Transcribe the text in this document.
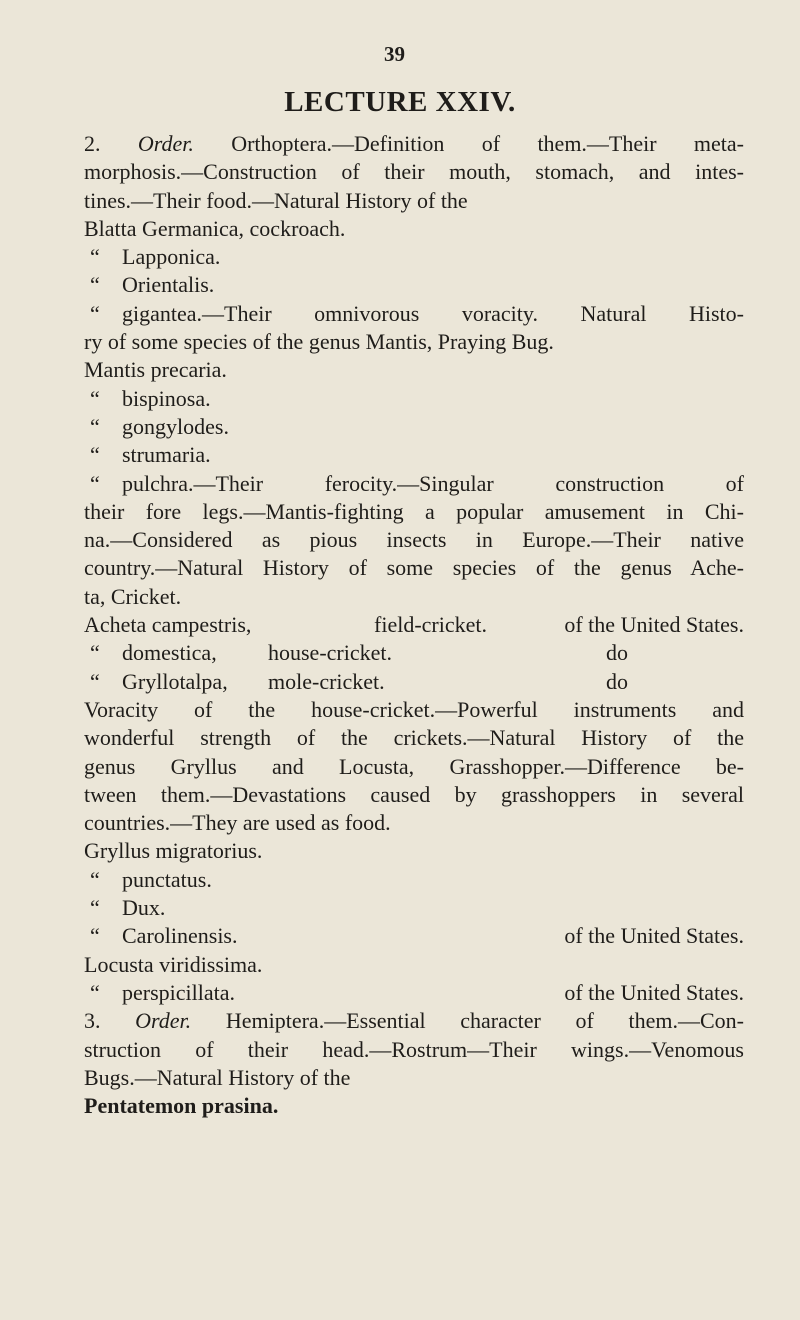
39
LECTURE XXIV.
2. Order. Orthoptera.—Definition of them.—Their meta-
morphosis.—Construction of their mouth, stomach, and intes-
tines.—Their food.—Natural History of the
Blatta Germanica, cockroach.
“ Lapponica.
“ Orientalis.
“ gigantea.—Their omnivorous voracity. Natural Histo-
ry of some species of the genus Mantis, Praying Bug.
Mantis precaria.
“ bispinosa.
“ gongylodes.
“ strumaria.
“ pulchra.—Their ferocity.—Singular construction of
their fore legs.—Mantis-fighting a popular amusement in Chi-
na.—Considered as pious insects in Europe.—Their native
country.—Natural History of some species of the genus Ache-
ta, Cricket.
Acheta campestris,	field-cricket.	of the United States.
“	domestica,	house-cricket.	do
“	Gryllotalpa,	mole-cricket.	do
Voracity of the house-cricket.—Powerful instruments and
wonderful strength of the crickets.—Natural History of the
genus Gryllus and Locusta, Grasshopper.—Difference be-
tween them.—Devastations caused by grasshoppers in several
countries.—They are used as food.
Gryllus migratorius.
“ punctatus.
“ Dux.
“	Carolinensis.	of the United States.
Locusta viridissima.
“	perspicillata.	of the United States.
3. Order. Hemiptera.—Essential character of them.—Con-
struction of their head.—Rostrum—Their wings.—Venomous
Bugs.—Natural History of the
Pentatemon prasina.
